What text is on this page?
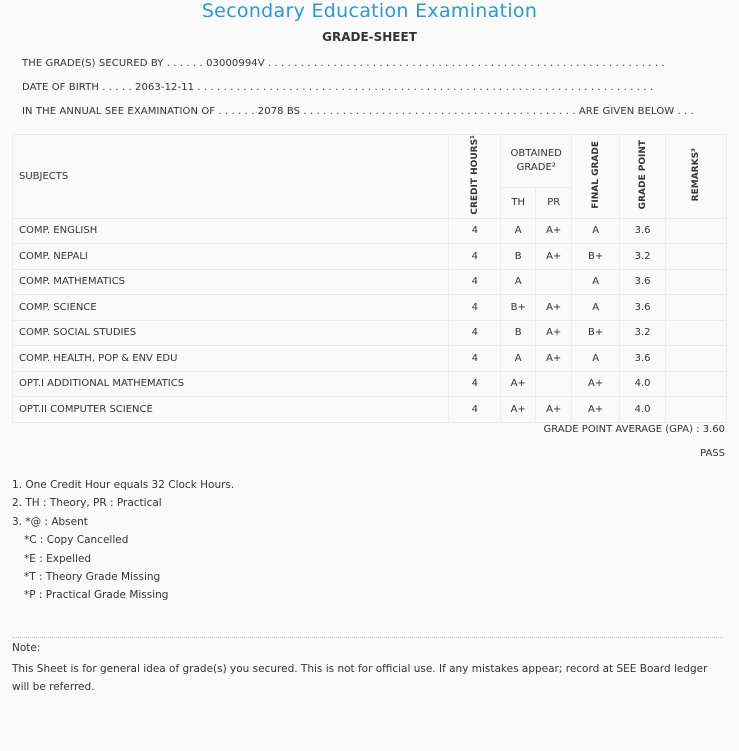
Secondary Education Examination
GRADE-SHEET
THE GRADE(S) SECURED BY . . . . . . 03000994V . . . . . . . . . . . . . . . . . . . . . . . . . . . . . . . . . . . . . . . . . . . . . . . . . . . . . . . . . . . . .
DATE OF BIRTH . . . . . 2063-12-11 . . . . . . . . . . . . . . . . . . . . . . . . . . . . . . . . . . . . . . . . . . . . . . . . . . . . . . . . . . . . . . . . . . . . . .
IN THE ANNUAL SEE EXAMINATION OF . . . . . . 2078 BS . . . . . . . . . . . . . . . . . . . . . . . . . . . . . . . . . . . . . . . . . . ARE GIVEN BELOW . . .
SUBJECTS	CREDIT HOURS¹	OBTAINED GRADE²		FINAL GRADE	GRADE POINT	REMARKS³
		TH	PR			
COMP. ENGLISH	4	A	A+	A	3.6	
COMP. NEPALI	4	B	A+	B+	3.2	
COMP. MATHEMATICS	4	A		A	3.6	
COMP. SCIENCE	4	B+	A+	A	3.6	
COMP. SOCIAL STUDIES	4	B	A+	B+	3.2	
COMP. HEALTH, POP & ENV EDU	4	A	A+	A	3.6	
OPT.I ADDITIONAL MATHEMATICS	4	A+		A+	4.0	
OPT.II COMPUTER SCIENCE	4	A+	A+	A+	4.0	
GRADE POINT AVERAGE (GPA) : 3.60
PASS
1. One Credit Hour equals 32 Clock Hours.
2. TH : Theory, PR : Practical
3. *@ : Absent
*C : Copy Cancelled
*E : Expelled
*T : Theory Grade Missing
*P : Practical Grade Missing
Note:
This Sheet is for general idea of grade(s) you secured. This is not for official use. If any mistakes appear; record at SEE Board ledger will be referred.
